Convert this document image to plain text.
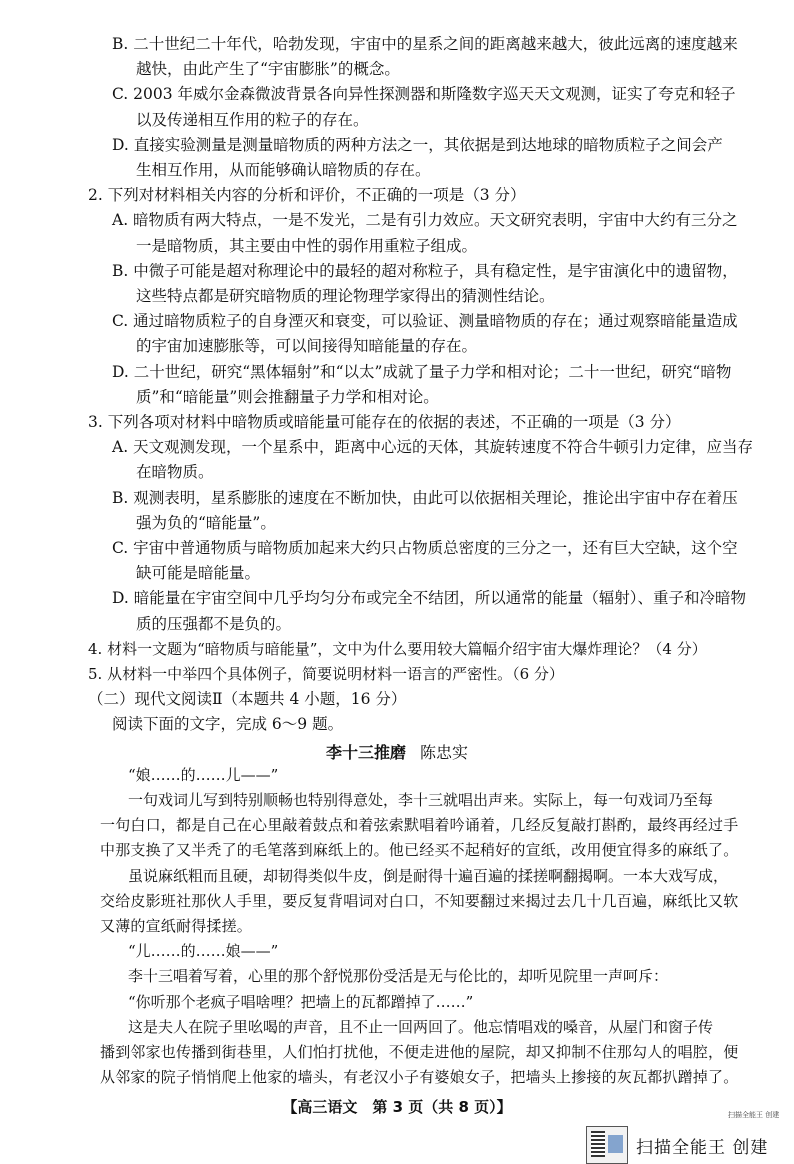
B. 二十世纪二十年代，哈勃发现，宇宙中的星系之间的距离越来越大，彼此远离的速度越来
越快，由此产生了“宇宙膨胀”的概念。
C. 2003 年威尔金森微波背景各向异性探测器和斯隆数字巡天天文观测，证实了夸克和轻子
以及传递相互作用的粒子的存在。
D. 直接实验测量是测量暗物质的两种方法之一，其依据是到达地球的暗物质粒子之间会产
生相互作用，从而能够确认暗物质的存在。
2. 下列对材料相关内容的分析和评价，不正确的一项是（3 分）
A. 暗物质有两大特点，一是不发光，二是有引力效应。天文研究表明，宇宙中大约有三分之
一是暗物质，其主要由中性的弱作用重粒子组成。
B. 中微子可能是超对称理论中的最轻的超对称粒子，具有稳定性，是宇宙演化中的遗留物，
这些特点都是研究暗物质的理论物理学家得出的猜测性结论。
C. 通过暗物质粒子的自身湮灭和衰变，可以验证、测量暗物质的存在；通过观察暗能量造成
的宇宙加速膨胀等，可以间接得知暗能量的存在。
D. 二十世纪，研究“黑体辐射”和“以太”成就了量子力学和相对论；二十一世纪，研究“暗物
质”和“暗能量”则会推翻量子力学和相对论。
3. 下列各项对材料中暗物质或暗能量可能存在的依据的表述，不正确的一项是（3 分）
A. 天文观测发现，一个星系中，距离中心远的天体，其旋转速度不符合牛顿引力定律，应当存
在暗物质。
B. 观测表明，星系膨胀的速度在不断加快，由此可以依据相关理论，推论出宇宙中存在着压
强为负的“暗能量”。
C. 宇宙中普通物质与暗物质加起来大约只占物质总密度的三分之一，还有巨大空缺，这个空
缺可能是暗能量。
D. 暗能量在宇宙空间中几乎均匀分布或完全不结团，所以通常的能量（辐射）、重子和冷暗物
质的压强都不是负的。
4. 材料一文题为“暗物质与暗能量”，文中为什么要用较大篇幅介绍宇宙大爆炸理论？（4 分）
5. 从材料一中举四个具体例子，简要说明材料一语言的严密性。（6 分）
（二）现代文阅读Ⅱ（本题共 4 小题，16 分）
阅读下面的文字，完成 6～9 题。
李十三推磨 陈忠实
“娘……的……儿——”
一句戏词儿写到特别顺畅也特别得意处，李十三就唱出声来。实际上，每一句戏词乃至每
一句白口，都是自己在心里敲着鼓点和着弦索默唱着吟诵着，几经反复敲打斟酌，最终再经过手
中那支换了又半秃了的毛笔落到麻纸上的。他已经买不起稍好的宣纸，改用便宜得多的麻纸了。
虽说麻纸粗而且硬，却韧得类似牛皮，倒是耐得十遍百遍的揉搓啊翻揭啊。一本大戏写成，
交给皮影班社那伙人手里，要反复背唱词对白口，不知要翻过来揭过去几十几百遍，麻纸比又软
又薄的宣纸耐得揉搓。
“儿……的……娘——”
李十三唱着写着，心里的那个舒悦那份受活是无与伦比的，却听见院里一声呵斥：
“你听那个老疯子唱啥哩？把墙上的瓦都蹭掉了……”
这是夫人在院子里吆喝的声音，且不止一回两回了。他忘情唱戏的嗓音，从屋门和窗子传
播到邻家也传播到街巷里，人们怕打扰他，不便走进他的屋院，却又抑制不住那勾人的唱腔，便
从邻家的院子悄悄爬上他家的墙头，有老汉小子有婆娘女子，把墙头上掺接的灰瓦都扒蹭掉了。
【高三语文　第 3 页（共 8 页）】
扫描全能王 创建
扫描全能王 创建
